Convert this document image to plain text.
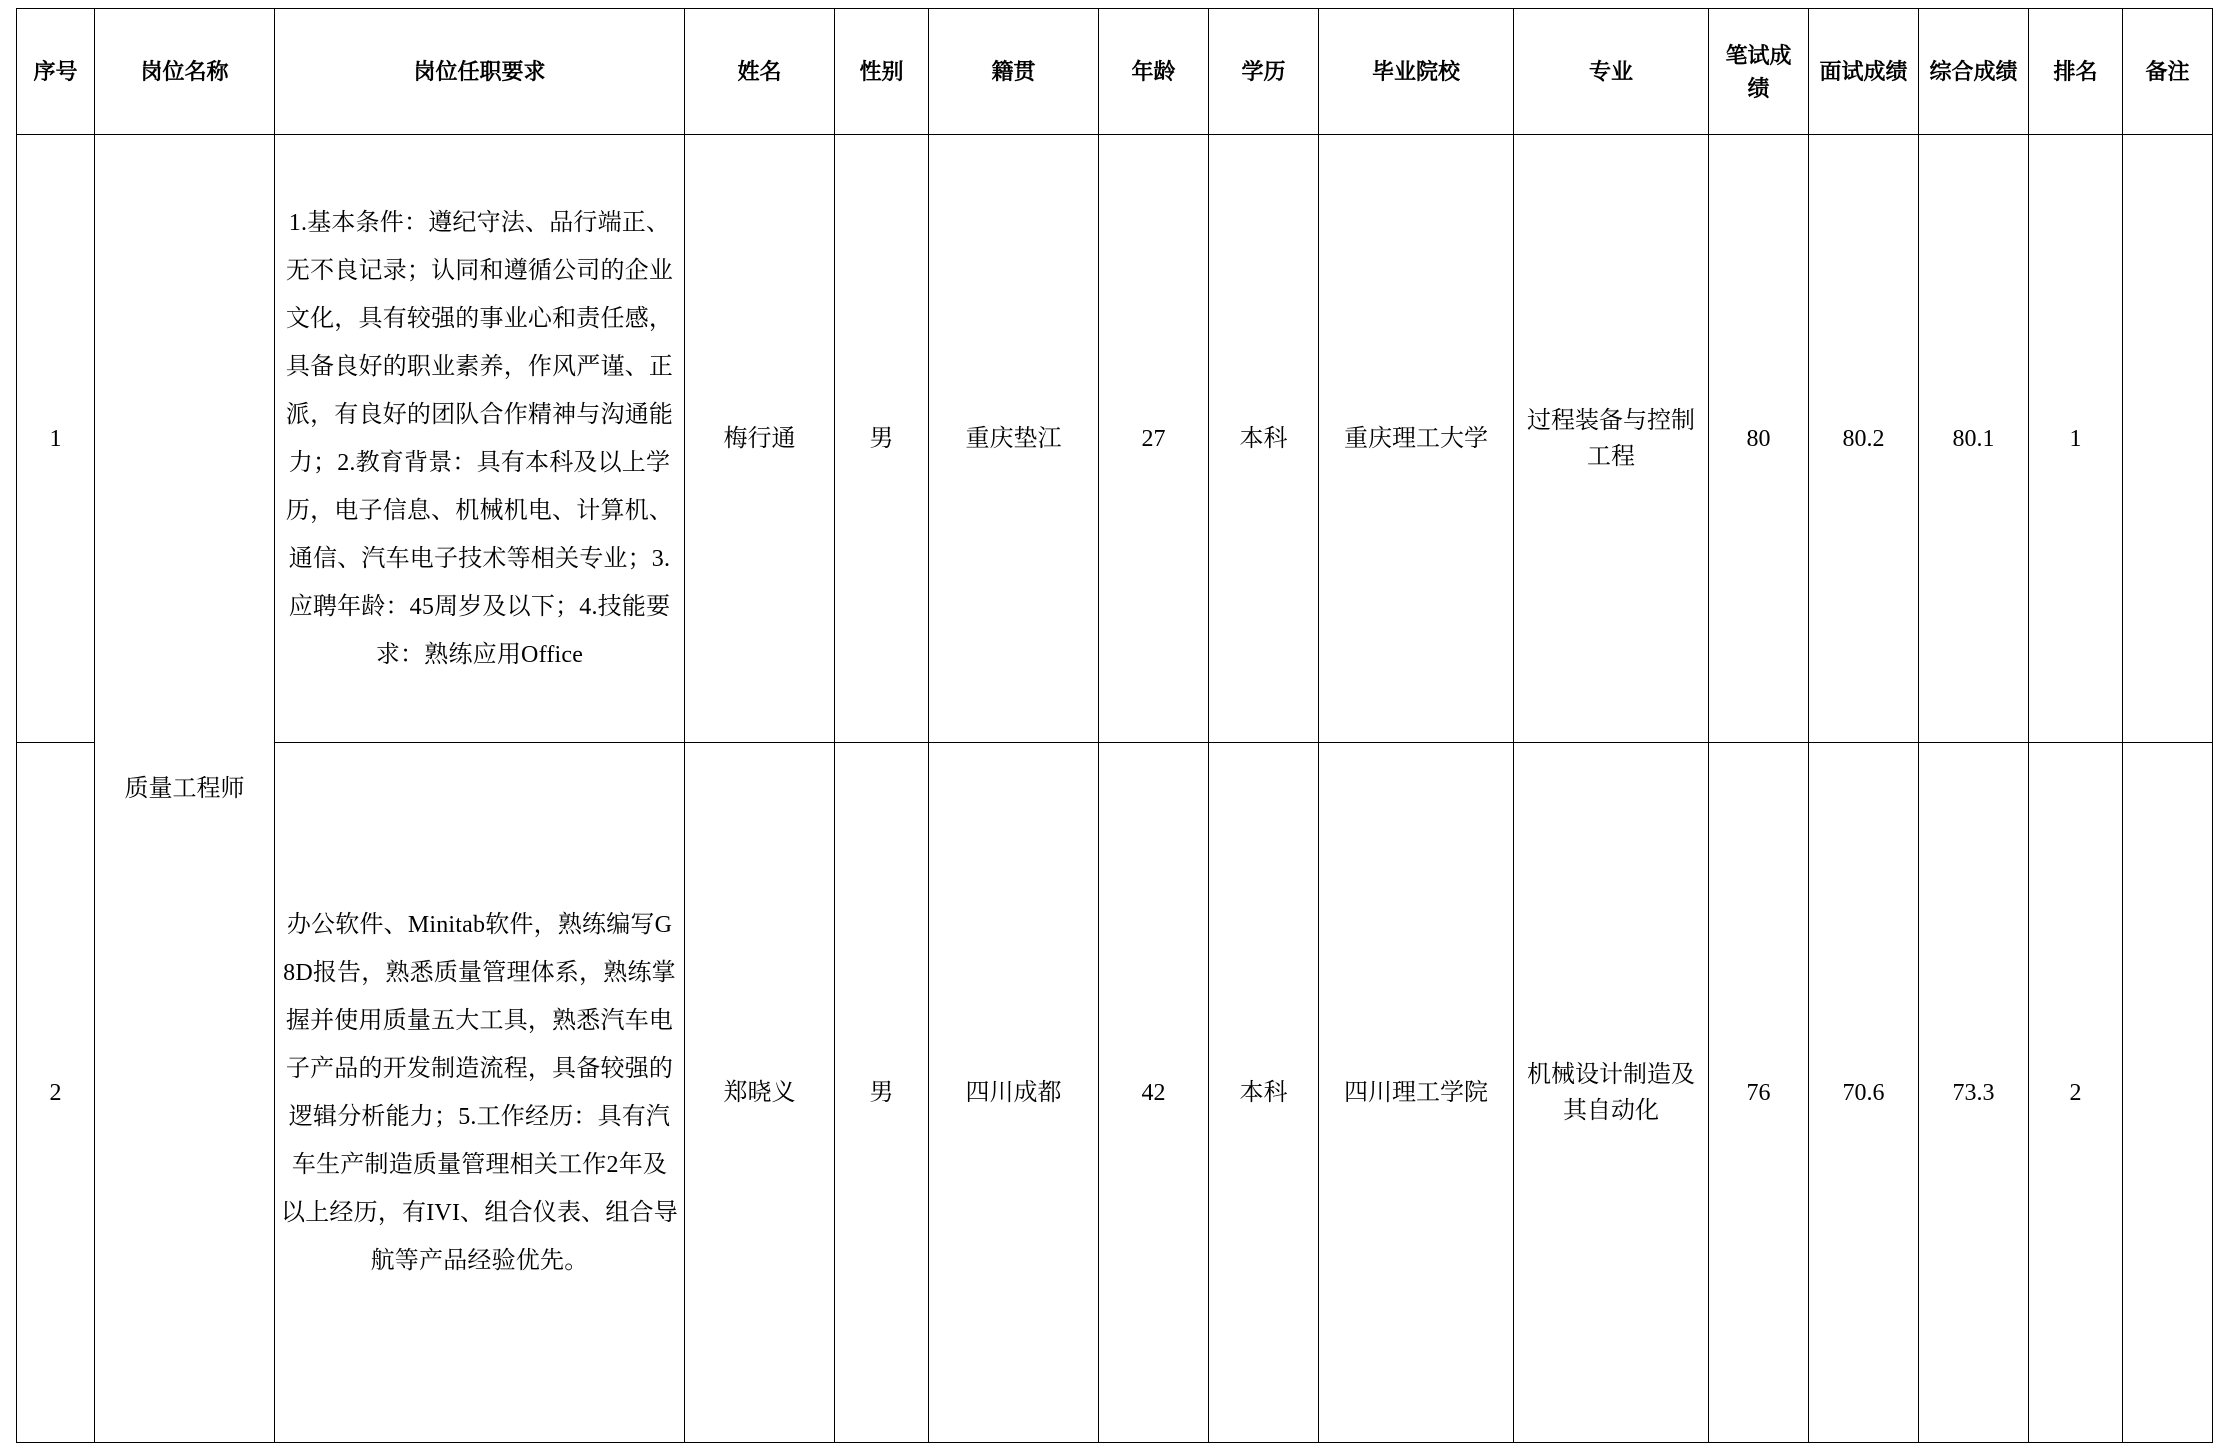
序号	岗位名称	岗位任职要求	姓名	性别	籍贯	年龄	学历	毕业院校	专业	笔试成绩	面试成绩	综合成绩	排名	备注
1	质量工程师	1.基本条件：遵纪守法、品行端正、无不良记录；认同和遵循公司的企业文化，具有较强的事业心和责任感，具备良好的职业素养，作风严谨、正派，有良好的团队合作精神与沟通能力；2.教育背景：具有本科及以上学历，电子信息、机械机电、计算机、通信、汽车电子技术等相关专业；3.应聘年龄：45周岁及以下；4.技能要求：熟练应用Office	梅行通	男	重庆垫江	27	本科	重庆理工大学	过程装备与控制工程	80	80.2	80.1	1	
2		办公软件、Minitab软件，熟练编写G8D报告，熟悉质量管理体系，熟练掌握并使用质量五大工具，熟悉汽车电子产品的开发制造流程，具备较强的逻辑分析能力；5.工作经历：具有汽车生产制造质量管理相关工作2年及以上经历，有IVI、组合仪表、组合导航等产品经验优先。	郑晓义	男	四川成都	42	本科	四川理工学院	机械设计制造及其自动化	76	70.6	73.3	2	
